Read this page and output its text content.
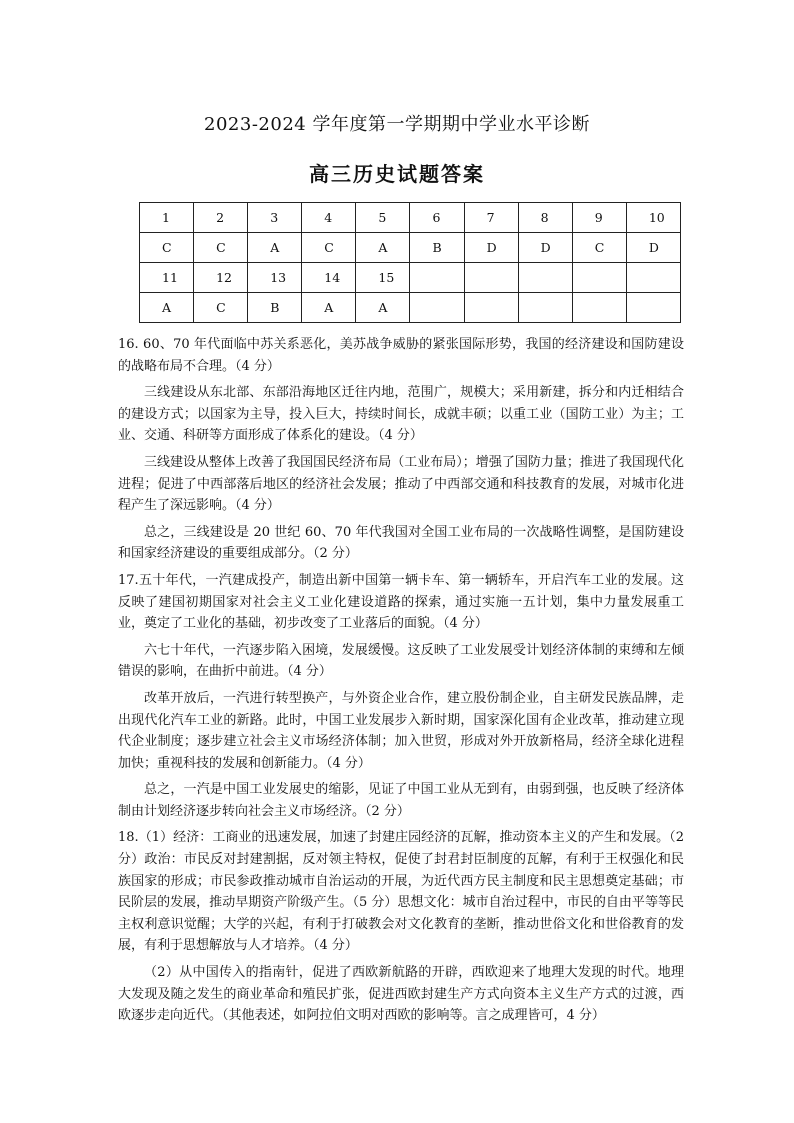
2023-2024 学年度第一学期期中学业水平诊断
高三历史试题答案
1	2	3	4	5	6	7	8	9	10
C	C	A	C	A	B	D	D	C	D
11	12	13	14	15					
A	C	B	A	A					

16. 60、70 年代面临中苏关系恶化，美苏战争威胁的紧张国际形势，我国的经济建设和国防建设的战略布局不合理。（4 分）

三线建设从东北部、东部沿海地区迁往内地，范围广，规模大；采用新建，拆分和内迁相结合的建设方式；以国家为主导，投入巨大，持续时间长，成就丰硕；以重工业（国防工业）为主；工业、交通、科研等方面形成了体系化的建设。（4 分）

三线建设从整体上改善了我国国民经济布局（工业布局）；增强了国防力量；推进了我国现代化进程；促进了中西部落后地区的经济社会发展；推动了中西部交通和科技教育的发展，对城市化进程产生了深远影响。（4 分）

总之，三线建设是 20 世纪 60、70 年代我国对全国工业布局的一次战略性调整，是国防建设和国家经济建设的重要组成部分。（2 分）

17.五十年代，一汽建成投产，制造出新中国第一辆卡车、第一辆轿车，开启汽车工业的发展。这反映了建国初期国家对社会主义工业化建设道路的探索，通过实施一五计划，集中力量发展重工业，奠定了工业化的基础，初步改变了工业落后的面貌。（4 分）

六七十年代，一汽逐步陷入困境，发展缓慢。这反映了工业发展受计划经济体制的束缚和左倾错误的影响，在曲折中前进。（4 分）

改革开放后，一汽进行转型换产，与外资企业合作，建立股份制企业，自主研发民族品牌，走出现代化汽车工业的新路。此时，中国工业发展步入新时期，国家深化国有企业改革，推动建立现代企业制度；逐步建立社会主义市场经济体制；加入世贸，形成对外开放新格局，经济全球化进程加快；重视科技的发展和创新能力。（4 分）

总之，一汽是中国工业发展史的缩影，见证了中国工业从无到有，由弱到强，也反映了经济体制由计划经济逐步转向社会主义市场经济。（2 分）

18.（1）经济：工商业的迅速发展，加速了封建庄园经济的瓦解，推动资本主义的产生和发展。（2 分）政治：市民反对封建割据，反对领主特权，促使了封君封臣制度的瓦解，有利于王权强化和民族国家的形成；市民参政推动城市自治运动的开展，为近代西方民主制度和民主思想奠定基础；市民阶层的发展，推动早期资产阶级产生。（5 分）思想文化：城市自治过程中，市民的自由平等等民主权利意识觉醒；大学的兴起，有利于打破教会对文化教育的垄断，推动世俗文化和世俗教育的发展，有利于思想解放与人才培养。（4 分）

（2）从中国传入的指南针，促进了西欧新航路的开辟，西欧迎来了地理大发现的时代。地理大发现及随之发生的商业革命和殖民扩张，促进西欧封建生产方式向资本主义生产方式的过渡，西欧逐步走向近代。（其他表述，如阿拉伯文明对西欧的影响等。言之成理皆可，4 分）
